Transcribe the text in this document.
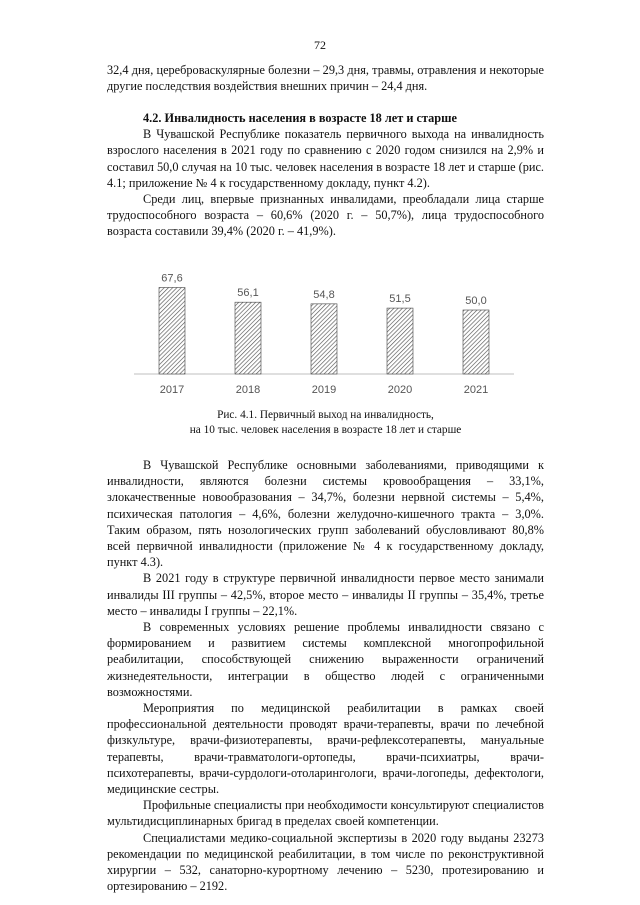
72

32,4 дня, цереброваскулярные болезни – 29,3 дня, травмы, отравления и некоторые другие последствия воздействия внешних причин – 24,4 дня.

4.2. Инвалидность населения в возрасте 18 лет и старше

В Чувашской Республике показатель первичного выхода на инвалидность взрослого населения в 2021 году по сравнению с 2020 годом снизился на 2,9% и составил 50,0 случая на 10 тыс. человек населения в возрасте 18 лет и старше (рис. 4.1; приложение № 4 к государственному докладу, пункт 4.2).

Среди лиц, впервые признанных инвалидами, преобладали лица старше трудоспособного возраста – 60,6% (2020 г. – 50,7%), лица трудоспособного возраста составили 39,4% (2020 г. – 41,9%).

67,6
2017
56,1
2018
54,8
2019
51,5
2020
50,0
2021
Рис. 4.1. Первичный выход на инвалидность,
на 10 тыс. человек населения в возрасте 18 лет и старше

В Чувашской Республике основными заболеваниями, приводящими к инвалидности, являются болезни системы кровообращения – 33,1%, злокачественные новообразования – 34,7%, болезни нервной системы – 5,4%, психическая патология – 4,6%, болезни желудочно-кишечного тракта – 3,0%. Таким образом, пять нозологических групп заболеваний обусловливают 80,8% всей первичной инвалидности (приложение № 4 к государственному докладу, пункт 4.3).

В 2021 году в структуре первичной инвалидности первое место занимали инвалиды III группы – 42,5%, второе место – инвалиды II группы – 35,4%, третье место – инвалиды I группы – 22,1%.

В современных условиях решение проблемы инвалидности связано с формированием и развитием системы комплексной многопрофильной реабилитации, способствующей снижению выраженности ограничений жизнедеятельности, интеграции в общество людей с ограниченными возможностями.

Мероприятия по медицинской реабилитации в рамках своей профессиональной деятельности проводят врачи-терапевты, врачи по лечебной физкультуре, врачи-физиотерапевты, врачи-рефлексотерапевты, мануальные терапевты, врачи-травматологи-ортопеды, врачи-психиатры, врачи-психотерапевты, врачи-сурдологи-отоларингологи, врачи-логопеды, дефектологи, медицинские сестры.

Профильные специалисты при необходимости консультируют специалистов мультидисциплинарных бригад в пределах своей компетенции.

Специалистами медико-социальной экспертизы в 2020 году выданы 23273 рекомендации по медицинской реабилитации, в том числе по реконструктивной хирургии – 532, санаторно-курортному лечению – 5230, протезированию и ортезированию – 2192.
